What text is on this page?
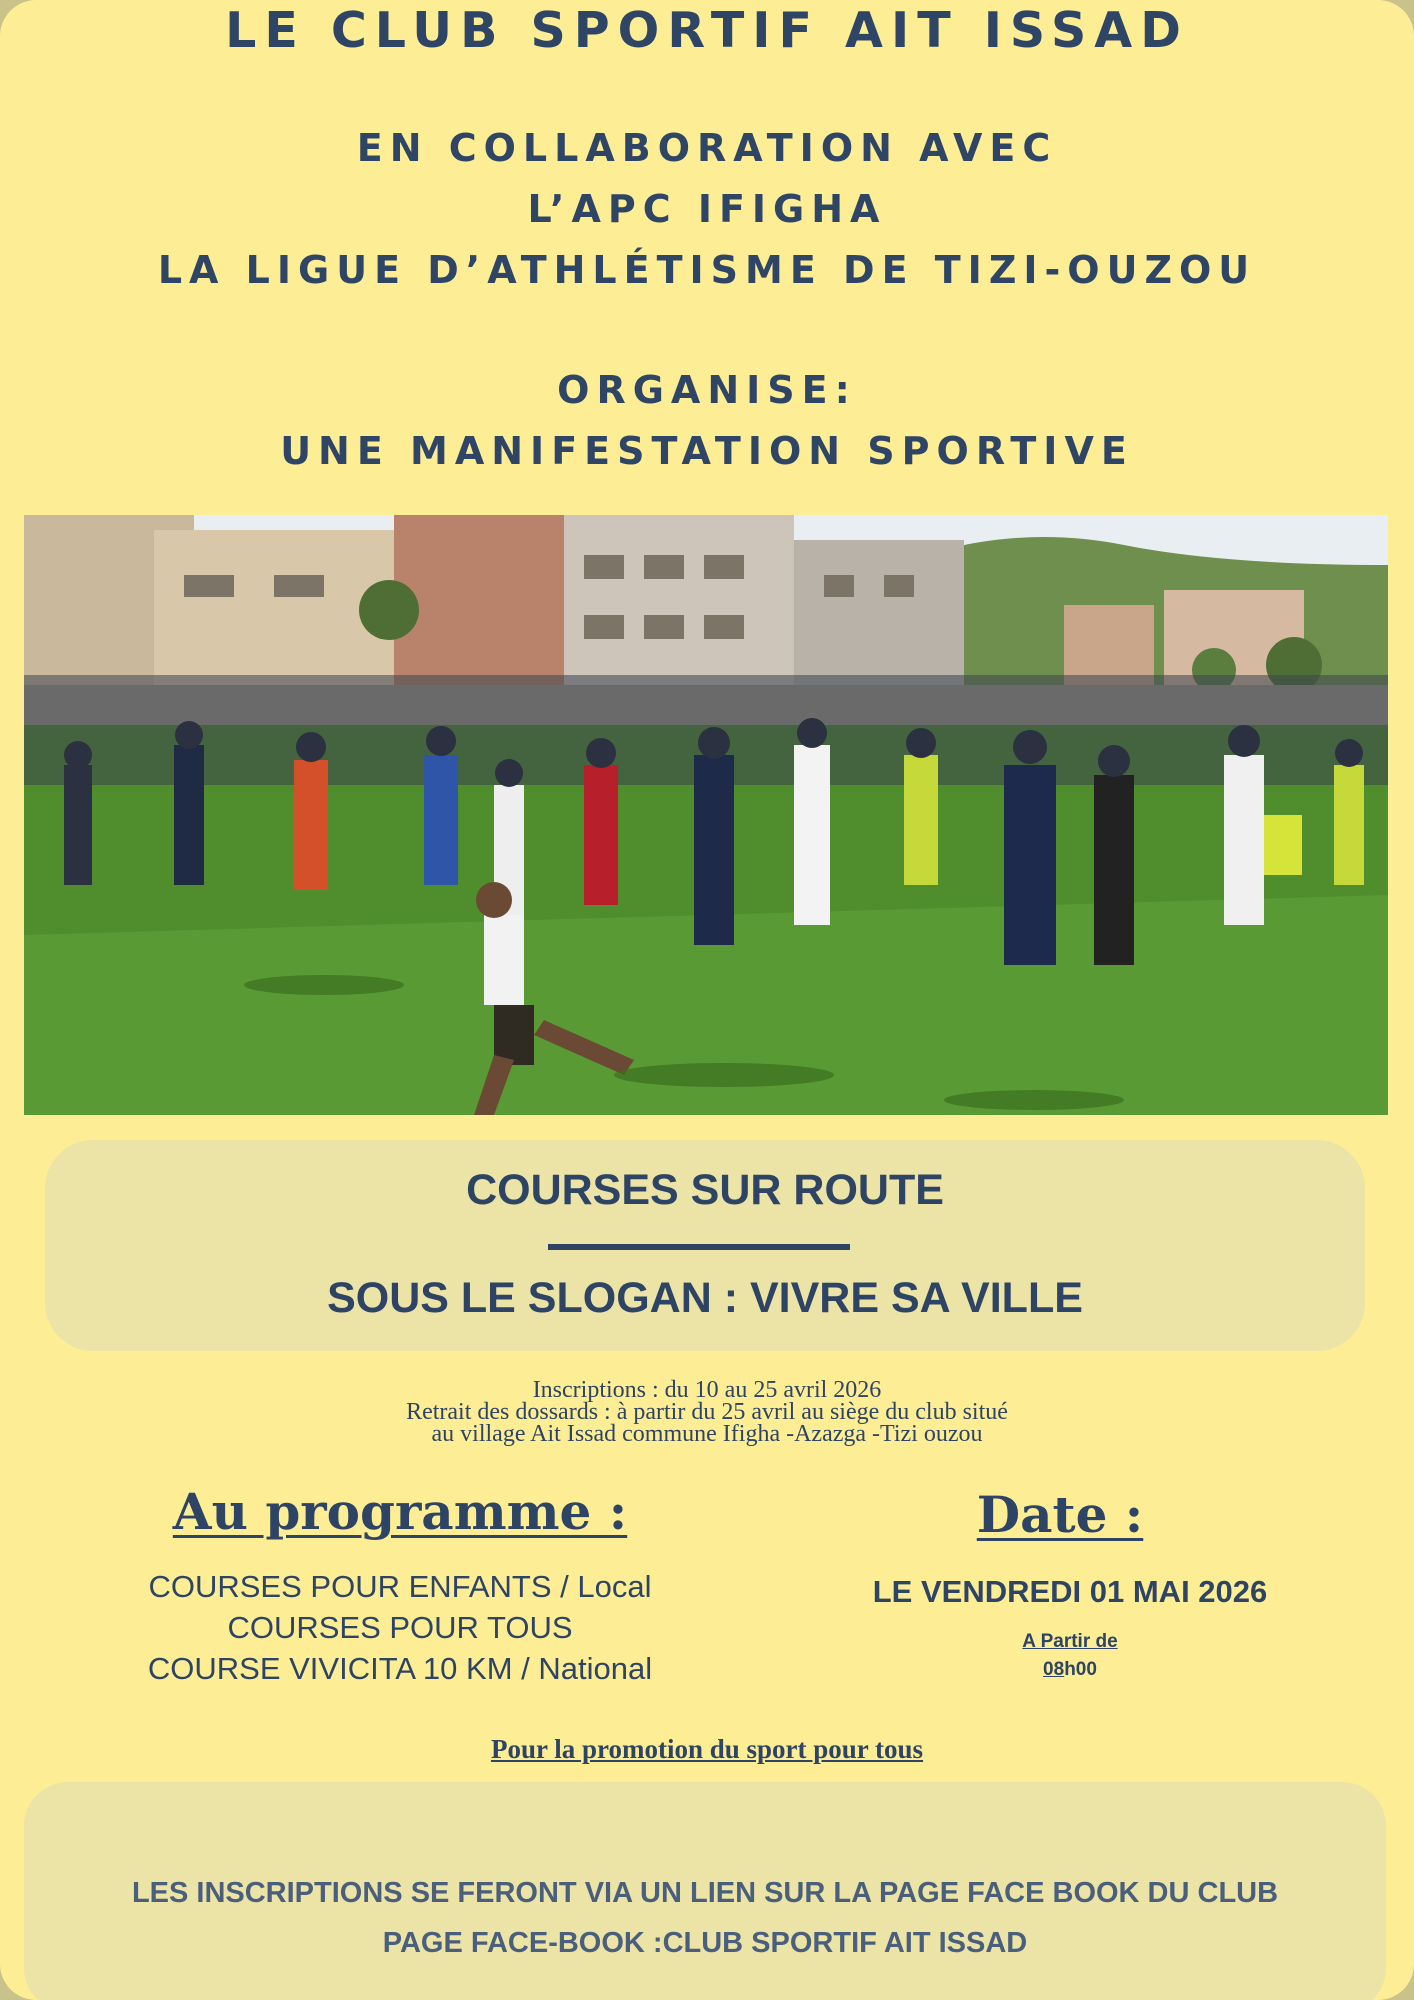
LE CLUB SPORTIF AIT ISSAD
EN COLLABORATION AVEC
L’APC IFIGHA
LA LIGUE D’ATHLÉTISME DE TIZI-OUZOU
ORGANISE:
UNE MANIFESTATION SPORTIVE
COURSES SUR ROUTE
SOUS LE SLOGAN : VIVRE SA VILLE
Inscriptions : du 10 au 25 avril 2026
Retrait des dossards : à partir du 25 avril au siège du club situé
au village Ait Issad commune Ifigha -Azazga -Tizi ouzou
Au programme :
COURSES POUR ENFANTS / Local
COURSES POUR TOUS
COURSE VIVICITA 10 KM / National
Date :
LE VENDREDI 01 MAI 2026
A Partir de
08h00
Pour la promotion du sport pour tous
LES INSCRIPTIONS SE FERONT VIA UN LIEN SUR LA PAGE FACE BOOK DU CLUB
PAGE FACE-BOOK :CLUB SPORTIF AIT ISSAD
